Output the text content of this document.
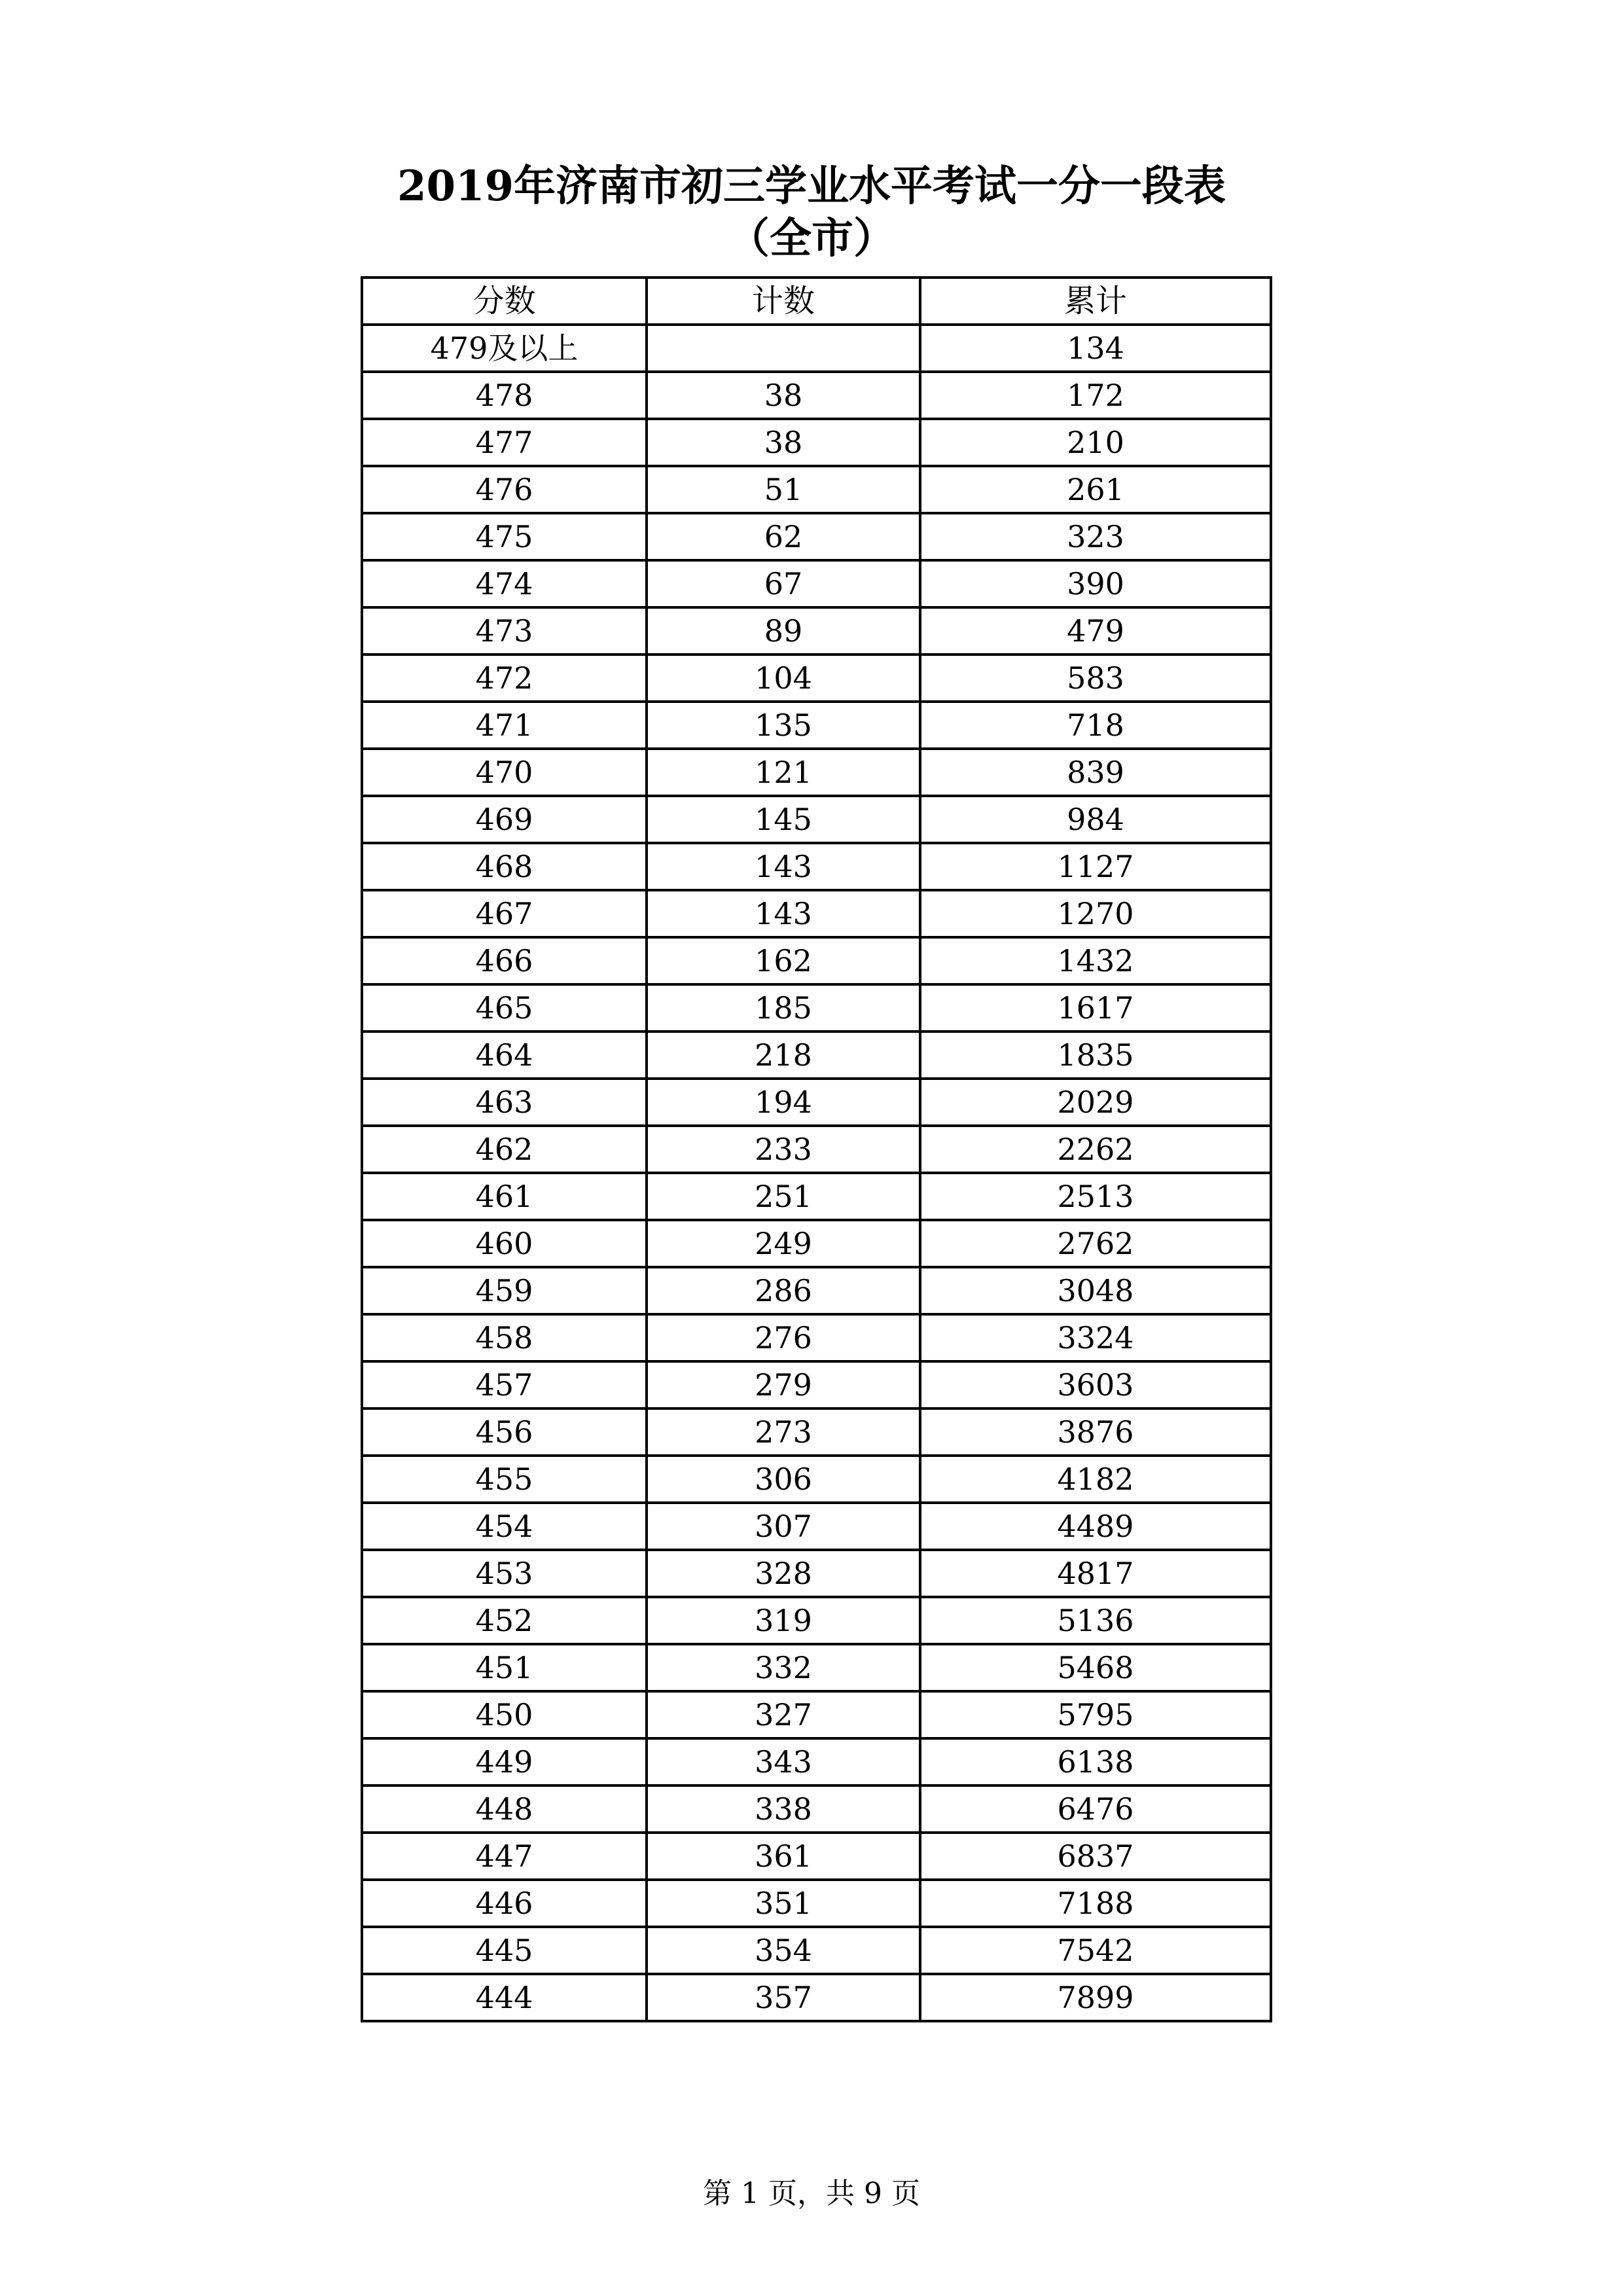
2019年济南市初三学业水平考试一分一段表
（全市）
分数	计数	累计
479及以上		134
478	38	172
477	38	210
476	51	261
475	62	323
474	67	390
473	89	479
472	104	583
471	135	718
470	121	839
469	145	984
468	143	1127
467	143	1270
466	162	1432
465	185	1617
464	218	1835
463	194	2029
462	233	2262
461	251	2513
460	249	2762
459	286	3048
458	276	3324
457	279	3603
456	273	3876
455	306	4182
454	307	4489
453	328	4817
452	319	5136
451	332	5468
450	327	5795
449	343	6138
448	338	6476
447	361	6837
446	351	7188
445	354	7542
444	357	7899
第 1 页，共 9 页
